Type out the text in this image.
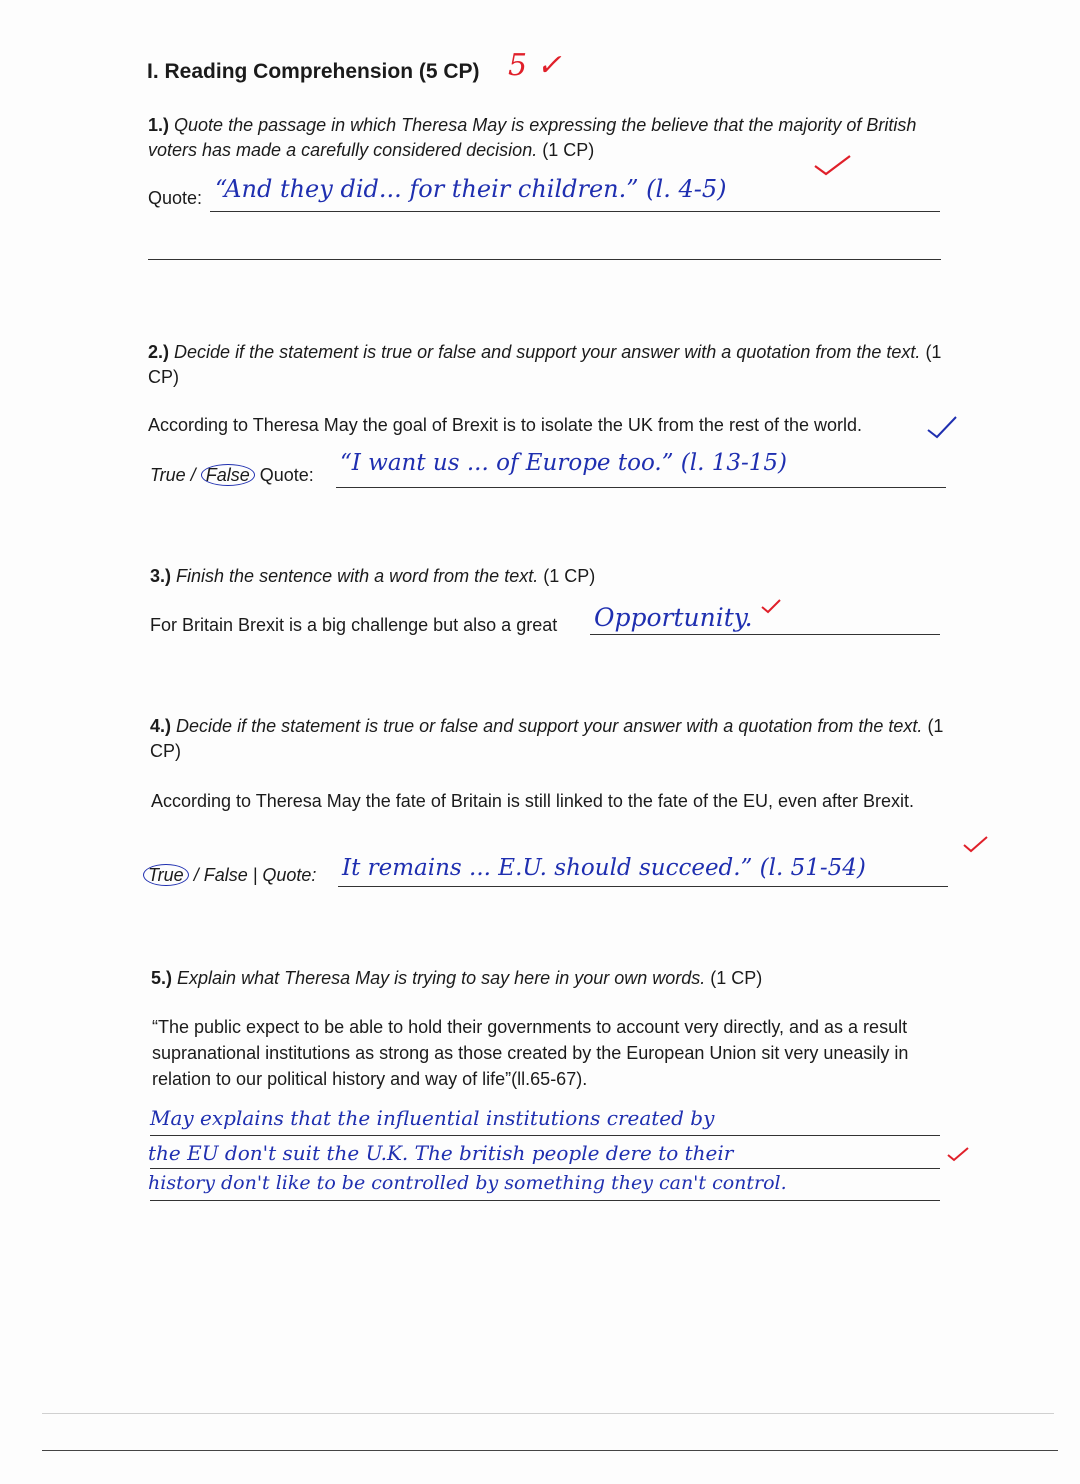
I. Reading Comprehension (5 CP) 5 ✓
1.) Quote the passage in which Theresa May is expressing the believe that the majority of British voters has made a carefully considered decision. (1 CP)
Quote: “And they did... for their children.” (l. 4-5)
2.) Decide if the statement is true or false and support your answer with a quotation from the text. (1 CP)
According to Theresa May the goal of Brexit is to isolate the UK from the rest of the world.
True / False Quote: “I want us ... of Europe too.” (l. 13-15)
3.) Finish the sentence with a word from the text. (1 CP)
For Britain Brexit is a big challenge but also a great Opportunity.
4.) Decide if the statement is true or false and support your answer with a quotation from the text. (1 CP)
According to Theresa May the fate of Britain is still linked to the fate of the EU, even after Brexit.
True / False | Quote: It remains ... E.U. should succeed.” (l. 51-54)
5.) Explain what Theresa May is trying to say here in your own words. (1 CP)
“The public expect to be able to hold their governments to account very directly, and as a result supranational institutions as strong as those created by the European Union sit very uneasily in relation to our political history and way of life”(ll.65-67).
May explains that the influential institutions created by
the EU don't suit the U.K. The british people dere to their
history don't like to be controlled by something they can't control.
